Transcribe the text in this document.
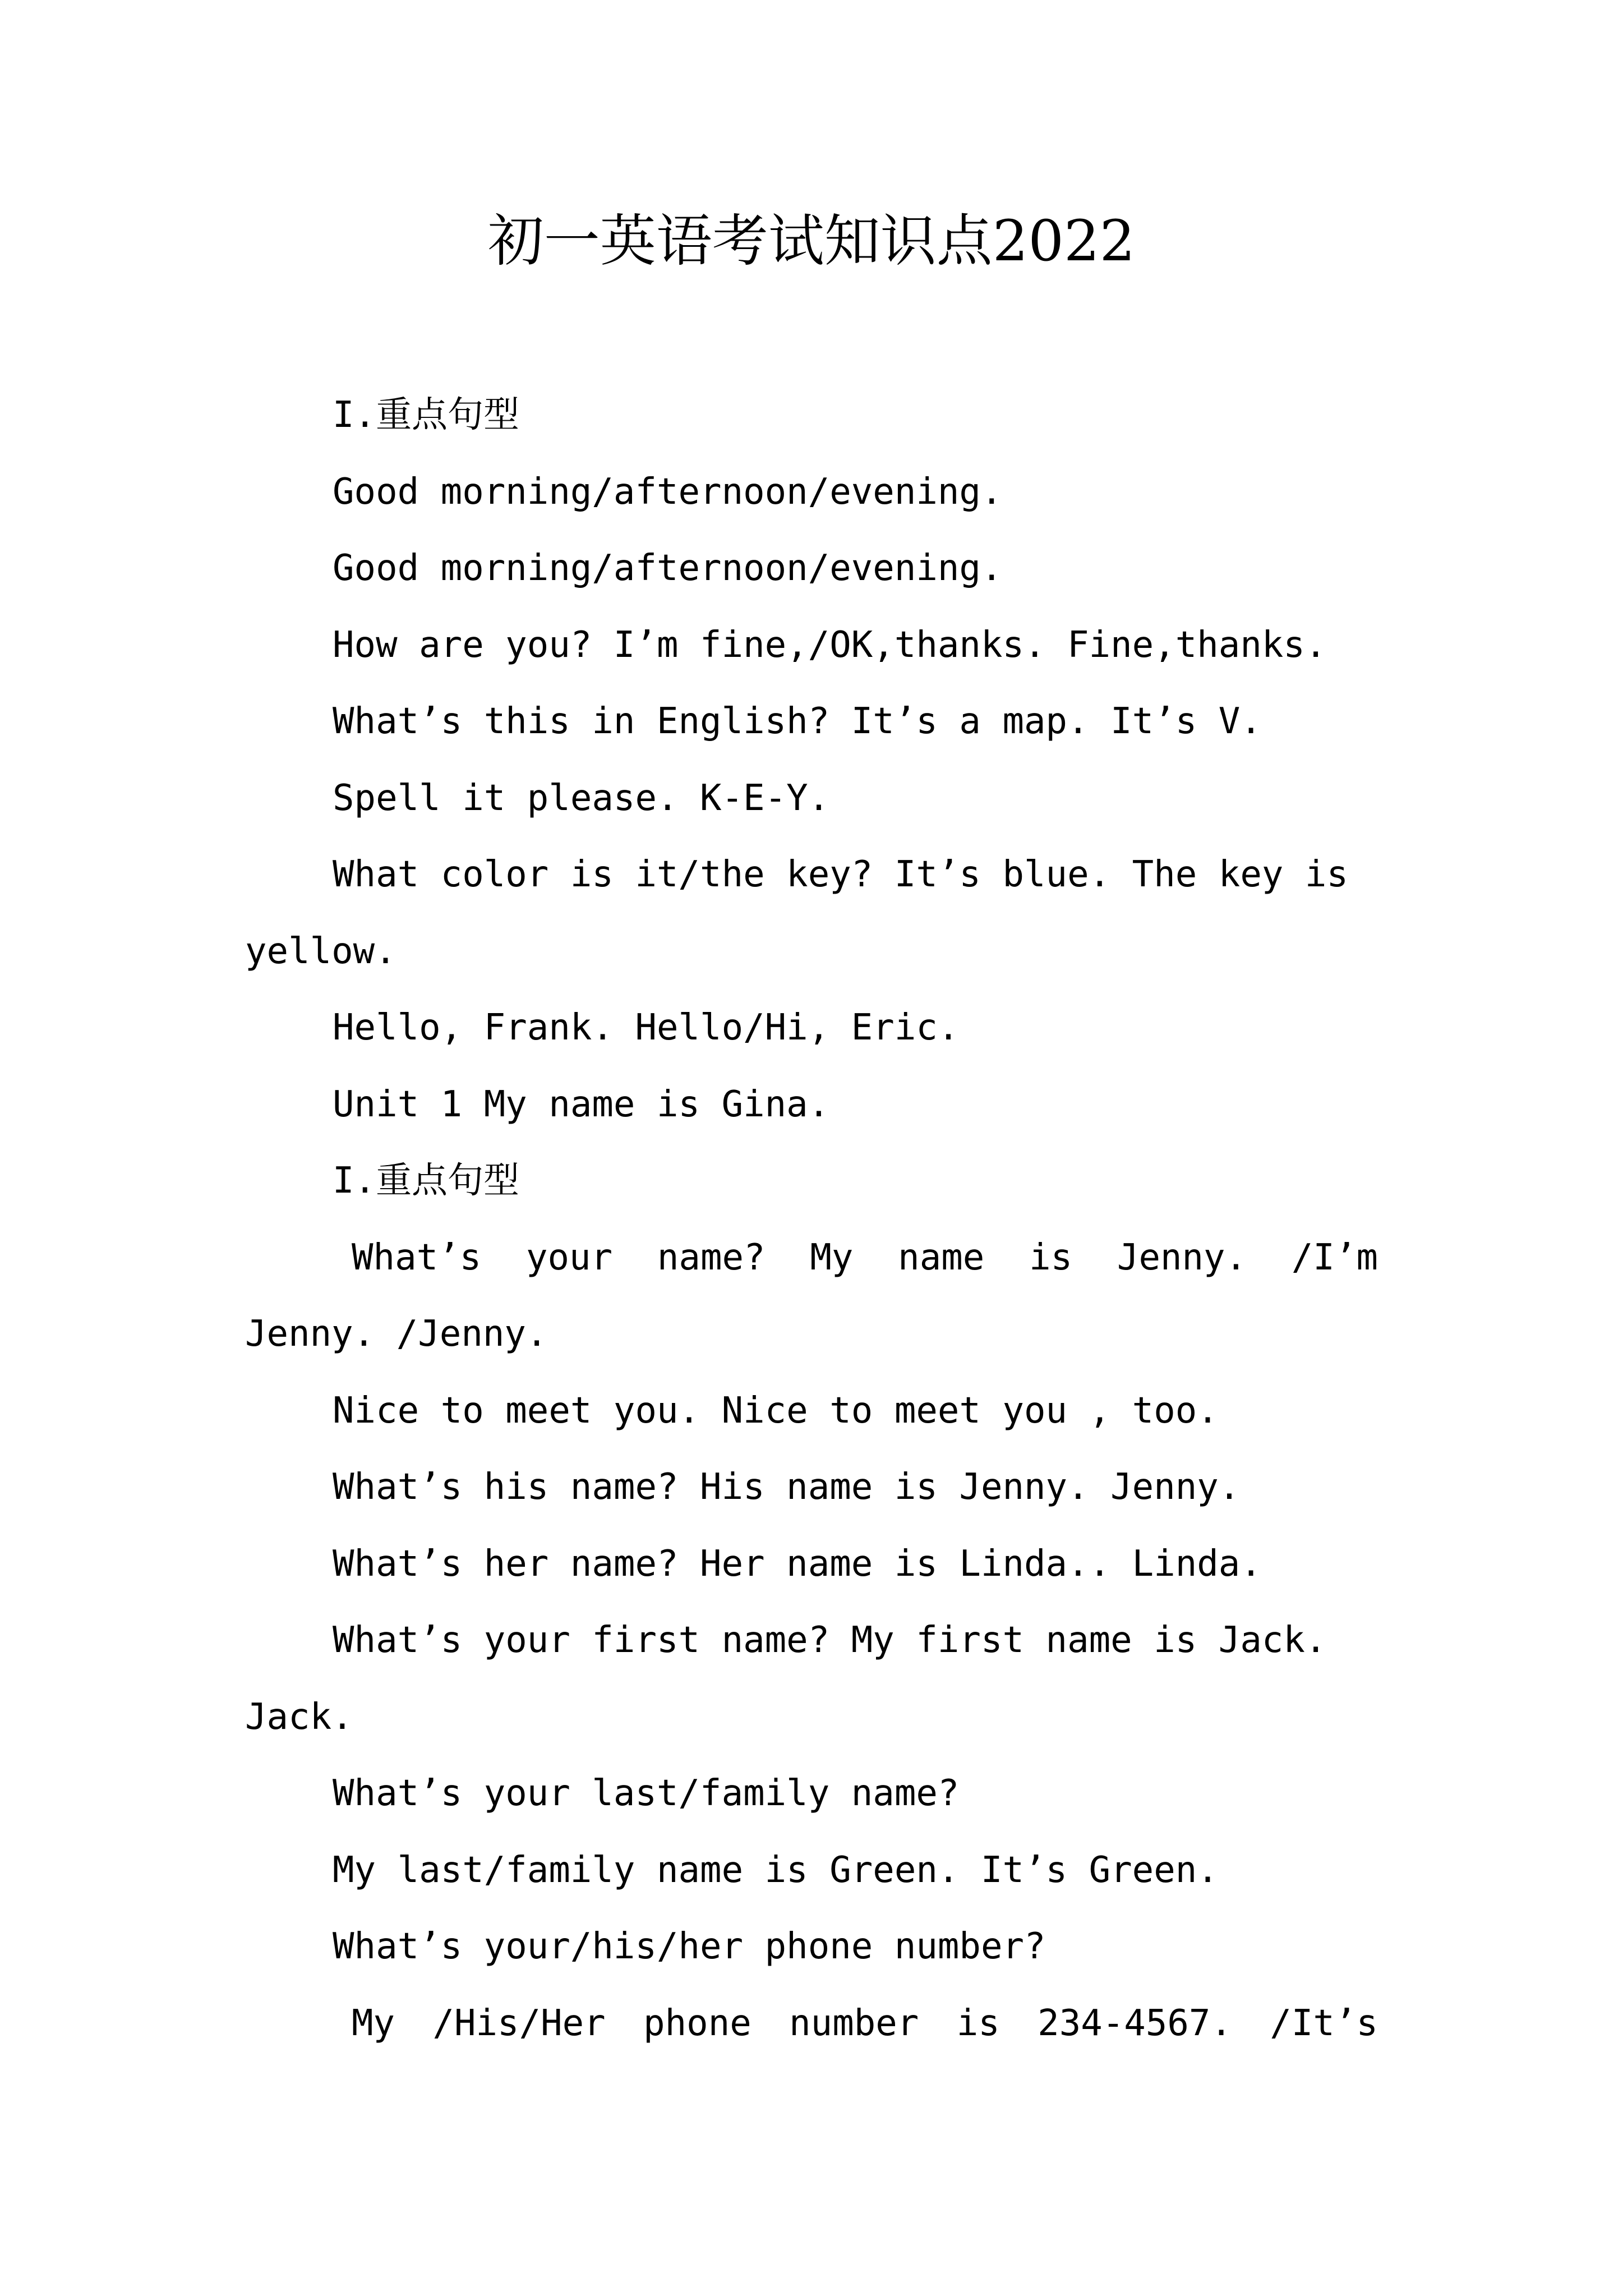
初一英语考试知识点2022

I.重点句型

Good morning/afternoon/evening.

Good morning/afternoon/evening.

How are you? I’m fine,/OK,thanks. Fine,thanks.

What’s this in English? It’s a map. It’s V.

Spell it please. K-E-Y.

What color is it/the key? It’s blue. The key is

yellow.

Hello, Frank. Hello/Hi, Eric.

Unit 1 My name is Gina.

I.重点句型

What’s your name? My name is Jenny. /I’m

Jenny. /Jenny.

Nice to meet you. Nice to meet you , too.

What’s his name? His name is Jenny. Jenny.

What’s her name? Her name is Linda.. Linda.

What’s your first name? My first name is Jack.

Jack.

What’s your last/family name?

My last/family name is Green. It’s Green.

What’s your/his/her phone number?

My /His/Her phone number is 234-4567. /It’s
